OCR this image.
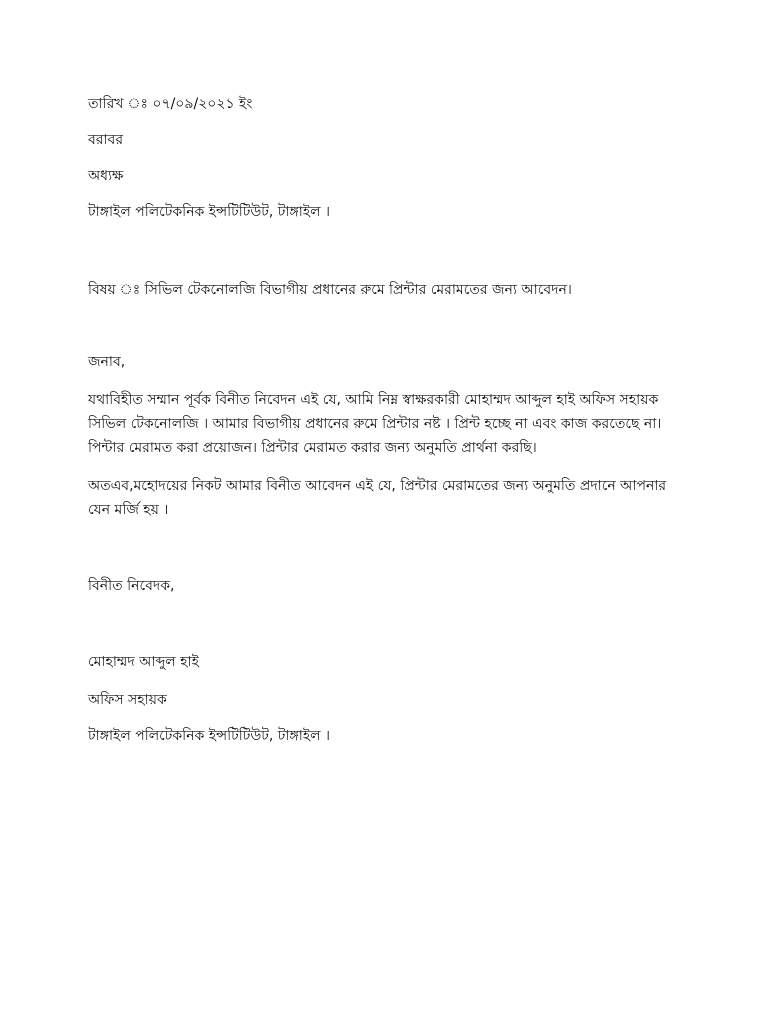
তারিখ ঃ ০৭/০৯/২০২১ ইং
বরাবর
অধ্যক্ষ
টাঙ্গাইল পলিটেকনিক ইন্সটিটিউট, টাঙ্গাইল ।
বিষয় ঃ সিভিল টেকনোলজি বিভাগীয় প্রধানের রুমে প্রিন্টার মেরামতের জন্য আবেদন।
জনাব,
যথাবিহীত সম্মান পূর্বক বিনীত নিবেদন এই যে, আমি নিম্ন স্বাক্ষরকারী মোহাম্মদ আব্দুল হাই অফিস সহায়ক
সিভিল টেকনোলজি । আমার বিভাগীয় প্রধানের রুমে প্রিন্টার নষ্ট । প্রিন্ট হচ্ছে না এবং কাজ করতেছে না।
পিন্টার মেরামত করা প্রয়োজন। প্রিন্টার মেরামত করার জন্য অনুমতি প্রার্থনা করছি।
অতএব,মহোদয়ের নিকট আমার বিনীত আবেদন এই যে, প্রিন্টার মেরামতের জন্য অনুমতি প্রদানে আপনার
যেন মর্জি হয় ।
বিনীত নিবেদক,
মোহাম্মদ আব্দুল হাই
অফিস সহায়ক
টাঙ্গাইল পলিটেকনিক ইন্সটিটিউট, টাঙ্গাইল ।
